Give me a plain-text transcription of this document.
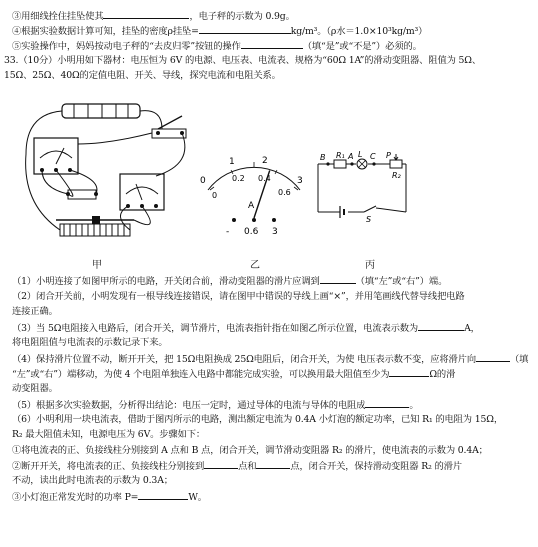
③用细线拴住挂坠使其	，电子秤的示数为 0.9g。
④根据实验数据计算可知，挂坠的密度ρ挂坠=	kg/m³。（ρ水＝1.0×10³kg/m³）
⑤实验操作中，妈妈按动电子秤的“去皮归零”按钮的操作	（填“是”或“不是”）必须的。
33.（10分）小明用如下器材：电压恒为 6V 的电源、电压表、电流表、规格为“60Ω 1A”的滑动变阻器、阻值为 5Ω、
15Ω、25Ω、40Ω的定值电阻、开关、导线，探究电流和电阻关系。
甲
1	2
3
0	0.2 0.4
0.6
0
A
- 0.6 3
乙
B R₁ A L C P
R₂
S
丙
（1）小明连接了如图甲所示的电路，开关闭合前，滑动变阻器的滑片应调到	（填“左”或“右”）端。
（2）闭合开关前，小明发现有一根导线连接错误，请在图甲中错误的导线上画“×”，并用笔画线代替导线把电路
连接正确。
（3）当 5Ω电阻接入电路后，闭合开关，调节滑片，电流表指针指在如图乙所示位置，电流表示数为	A，
将电阻阻值与电流表的示数记录下来。
（4）保持滑片位置不动，断开开关，把 15Ω电阻换成 25Ω电阻后，闭合开关，为使 电压表示数不变，应将滑片向	（填
“左”或“右”）端移动，为使 4 个电阻单独连入电路中都能完成实验，可以换用最大阻值至少为	Ω的滑
动变阻器。
（5）根据多次实验数据，分析得出结论：电压一定时，通过导体的电流与导体的电阻成	。
（6）小明利用一块电流表，借助于图丙所示的电路，测出额定电流为 0.4A 小灯泡的额定功率，已知 R₁ 的电阻为 15Ω，
R₂ 最大阻值未知，电源电压为 6V。步骤如下：
①将电流表的正、负接线柱分别接到 A 点和 B 点，闭合开关，调节滑动变阻器 R₂ 的滑片，使电流表的示数为 0.4A；
②断开开关，将电流表的正、负接线柱分别接到	点和	点，闭合开关，保持滑动变阻器 R₂ 的滑片
不动，读出此时电流表的示数为 0.3A；
③小灯泡正常发光时的功率 P=	W。
